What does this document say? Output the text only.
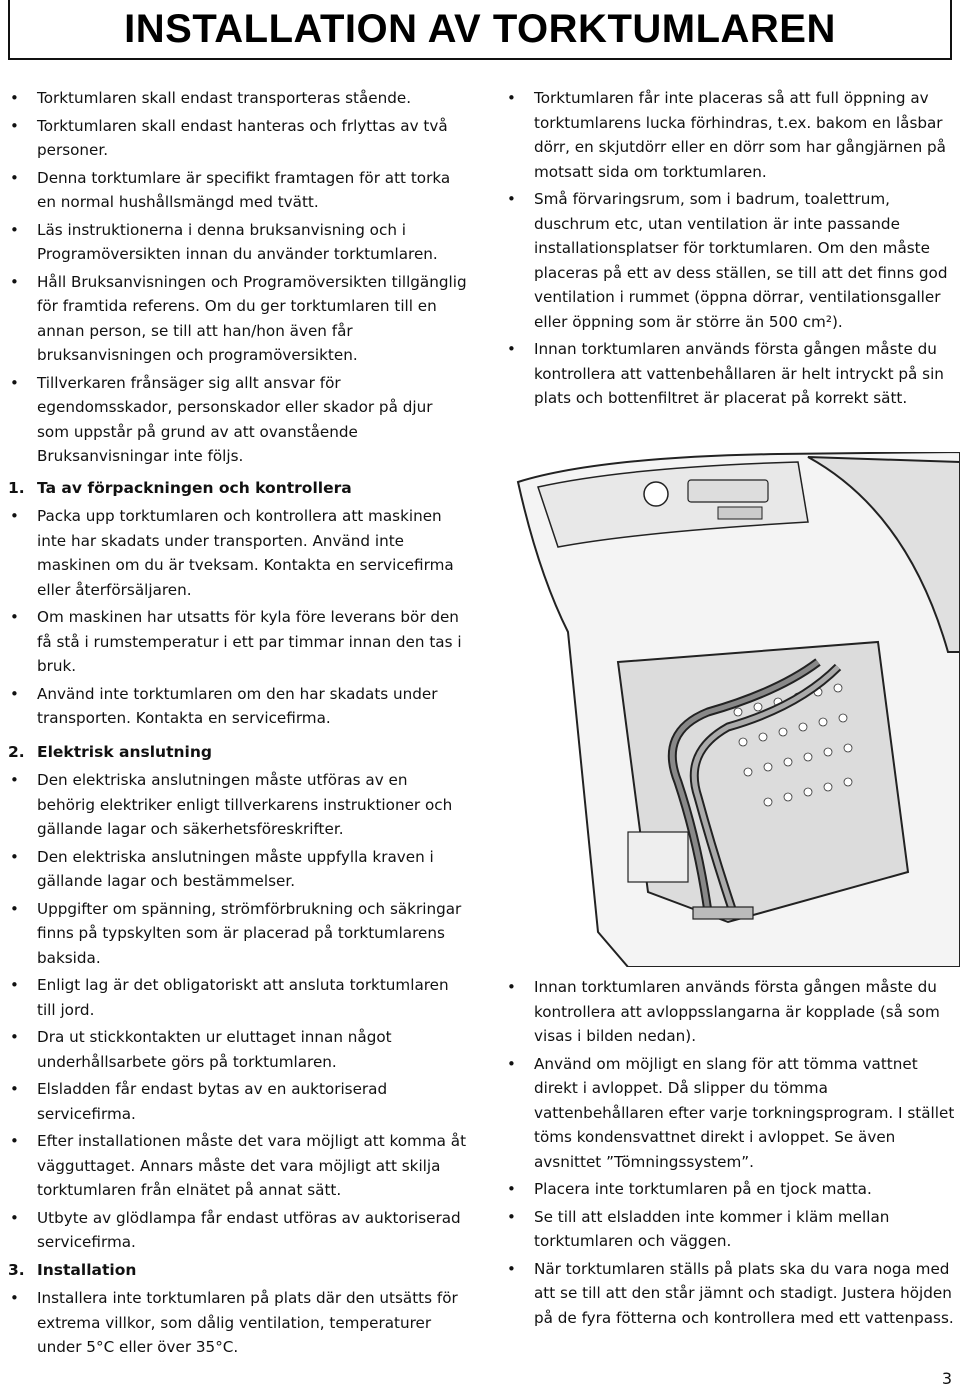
INSTALLATION AV TORKTUMLAREN
• Torktumlaren skall endast transporteras stående.
• Torktumlaren skall endast hanteras och frlyttas av två personer.
• Denna torktumlare är specifikt framtagen för att torka en normal hushållsmängd med tvätt.
• Läs instruktionerna i denna bruksanvisning och i Programöversikten innan du använder torktumlaren.
• Håll Bruksanvisningen och Programöversikten tillgänglig för framtida referens. Om du ger torktumlaren till en annan person, se till att han/hon även får bruksanvisningen och programöversikten.
• Tillverkaren frånsäger sig allt ansvar för egendomsskador, personskador eller skador på djur som uppstår på grund av att ovanstående Bruksanvisningar inte följs.
• Torktumlaren får inte placeras så att full öppning av torktumlarens lucka förhindras, t.ex. bakom en låsbar dörr, en skjutdörr eller en dörr som har gångjärnen på motsatt sida om torktumlaren.
• Små förvaringsrum, som i badrum, toalettrum, duschrum etc, utan ventilation är inte passande installationsplatser för torktumlaren. Om den måste placeras på ett av dess ställen, se till att det finns god ventilation i rummet (öppna dörrar, ventilationsgaller eller öppning som är större än 500 cm²).
• Innan torktumlaren används första gången måste du kontrollera att vattenbehållaren är helt intryckt på sin plats och bottenfiltret är placerat på korrekt sätt.
1. Ta av förpackningen och kontrollera
• Packa upp torktumlaren och kontrollera att maskinen inte har skadats under transporten. Använd inte maskinen om du är tveksam. Kontakta en servicefirma eller återförsäljaren.
• Om maskinen har utsatts för kyla före leverans bör den få stå i rumstemperatur i ett par timmar innan den tas i bruk.
• Använd inte torktumlaren om den har skadats under transporten. Kontakta en servicefirma.
2. Elektrisk anslutning
• Den elektriska anslutningen måste utföras av en behörig elektriker enligt tillverkarens instruktioner och gällande lagar och säkerhetsföreskrifter.
• Den elektriska anslutningen måste uppfylla kraven i gällande lagar och bestämmelser.
• Uppgifter om spänning, strömförbrukning och säkringar finns på typskylten som är placerad på torktumlarens baksida.
• Enligt lag är det obligatoriskt att ansluta torktumlaren till jord.
• Dra ut stickkontakten ur eluttaget innan något underhållsarbete görs på torktumlaren.
• Elsladden får endast bytas av en auktoriserad servicefirma.
• Efter installationen måste det vara möjligt att komma åt vägguttaget. Annars måste det vara möjligt att skilja torktumlaren från elnätet på annat sätt.
• Utbyte av glödlampa får endast utföras av auktoriserad servicefirma.
3. Installation
• Installera inte torktumlaren på plats där den utsätts för extrema villkor, som dålig ventilation, temperaturer under 5°C eller över 35°C.
• Innan torktumlaren används första gången måste du kontrollera att avloppsslangarna är kopplade (så som visas i bilden nedan).
• Använd om möjligt en slang för att tömma vattnet direkt i avloppet. Då slipper du tömma vattenbehållaren efter varje torkningsprogram. I stället töms kondensvattnet direkt i avloppet. Se även avsnittet ”Tömningssystem”.
• Placera inte torktumlaren på en tjock matta.
• Se till att elsladden inte kommer i kläm mellan torktumlaren och väggen.
• När torktumlaren ställs på plats ska du vara noga med att se till att den står jämnt och stadigt. Justera höjden på de fyra fötterna och kontrollera med ett vattenpass.
3
